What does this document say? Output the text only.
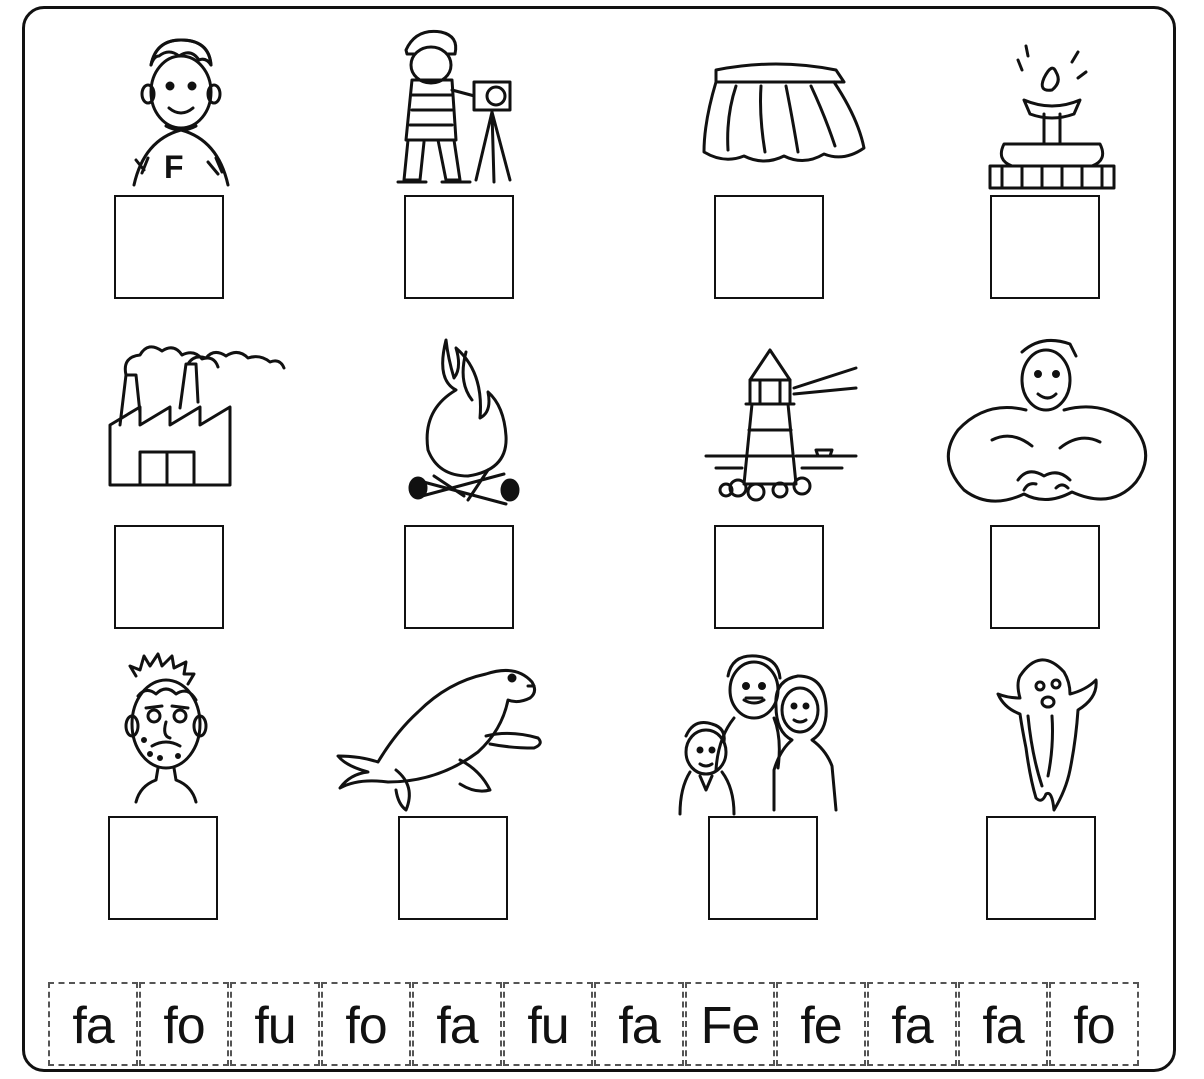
F
fa fo fu fo fa fu fa Fe fe fa fa fo
